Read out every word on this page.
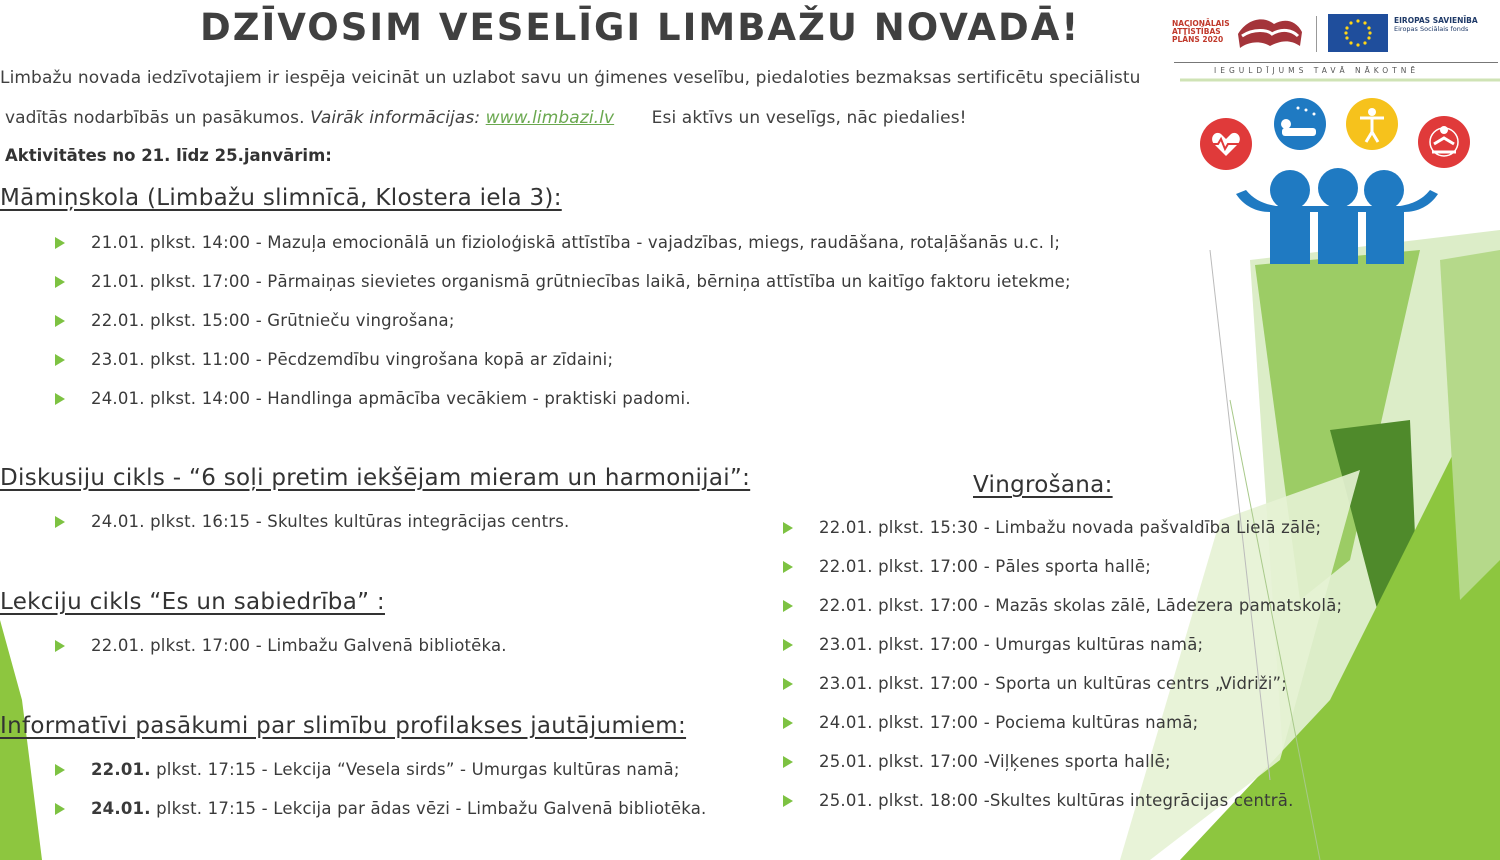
DZĪVOSIM VESELĪGI LIMBAŽU NOVADĀ!	NACIONĀLAIS ATTĪSTĪBAS PLĀNS 2020
EIROPAS SAVIENĪBA
Eiropas Sociālais fonds
IEGULDĪJUMS TAVĀ NĀKOTNĒ
Limbažu novada iedzīvotajiem ir iespēja veicināt un uzlabot savu un ģimenes veselību, piedaloties bezmaksas sertificētu speciālistu
vadītās nodarbībās un pasākumos. Vairāk informācijas: www.limbazi.lv Esi aktīvs un veselīgs, nāc piedalies!
Aktivitātes no 21. līdz 25.janvārim:
Māmiņskola (Limbažu slimnīcā, Klostera iela 3):
21.01. plkst. 14:00 - Mazuļa emocionālā un fizioloģiskā attīstība - vajadzības, miegs, raudāšana, rotaļāšanās u.c. l;
21.01. plkst. 17:00 - Pārmaiņas sievietes organismā grūtniecības laikā, bērniņa attīstība un kaitīgo faktoru ietekme;
22.01. plkst. 15:00 - Grūtnieču vingrošana;
23.01. plkst. 11:00 - Pēcdzemdību vingrošana kopā ar zīdaini;
24.01. plkst. 14:00 - Handlinga apmācība vecākiem - praktiski padomi.
Diskusiju cikls - “6 soļi pretim iekšējam mieram un harmonijai”:
24.01. plkst. 16:15 - Skultes kultūras integrācijas centrs.
Lekciju cikls “Es un sabiedrība” :
22.01. plkst. 17:00 - Limbažu Galvenā bibliotēka.
Informatīvi pasākumi par slimību profilakses jautājumiem:
22.01. plkst. 17:15 - Lekcija “Vesela sirds” - Umurgas kultūras namā;
24.01. plkst. 17:15 - Lekcija par ādas vēzi - Limbažu Galvenā bibliotēka.
Vingrošana:
22.01. plkst. 15:30 - Limbažu novada pašvaldība Lielā zālē;
22.01. plkst. 17:00 - Pāles sporta hallē;
22.01. plkst. 17:00 - Mazās skolas zālē, Lādezera pamatskolā;
23.01. plkst. 17:00 - Umurgas kultūras namā;
23.01. plkst. 17:00 - Sporta un kultūras centrs „Vidriži”;
24.01. plkst. 17:00 - Pociema kultūras namā;
25.01. plkst. 17:00 -Viļķenes sporta hallē;
25.01. plkst. 18:00 -Skultes kultūras integrācijas centrā.
